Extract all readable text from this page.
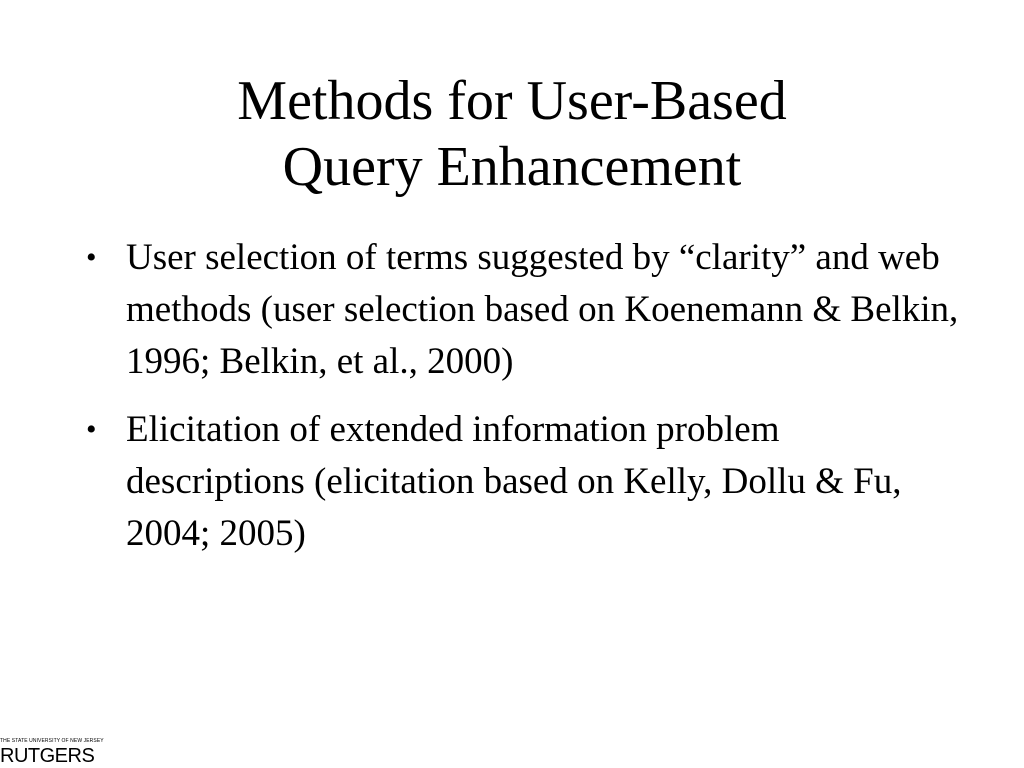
Methods for User-Based
Query Enhancement
• User selection of terms suggested by “clarity” and web methods (user selection based on Koenemann & Belkin, 1996; Belkin, et al., 2000)
• Elicitation of extended information problem descriptions (elicitation based on Kelly, Dollu & Fu, 2004; 2005)
THE STATE UNIVERSITY OF NEW JERSEY
RUTGERS
